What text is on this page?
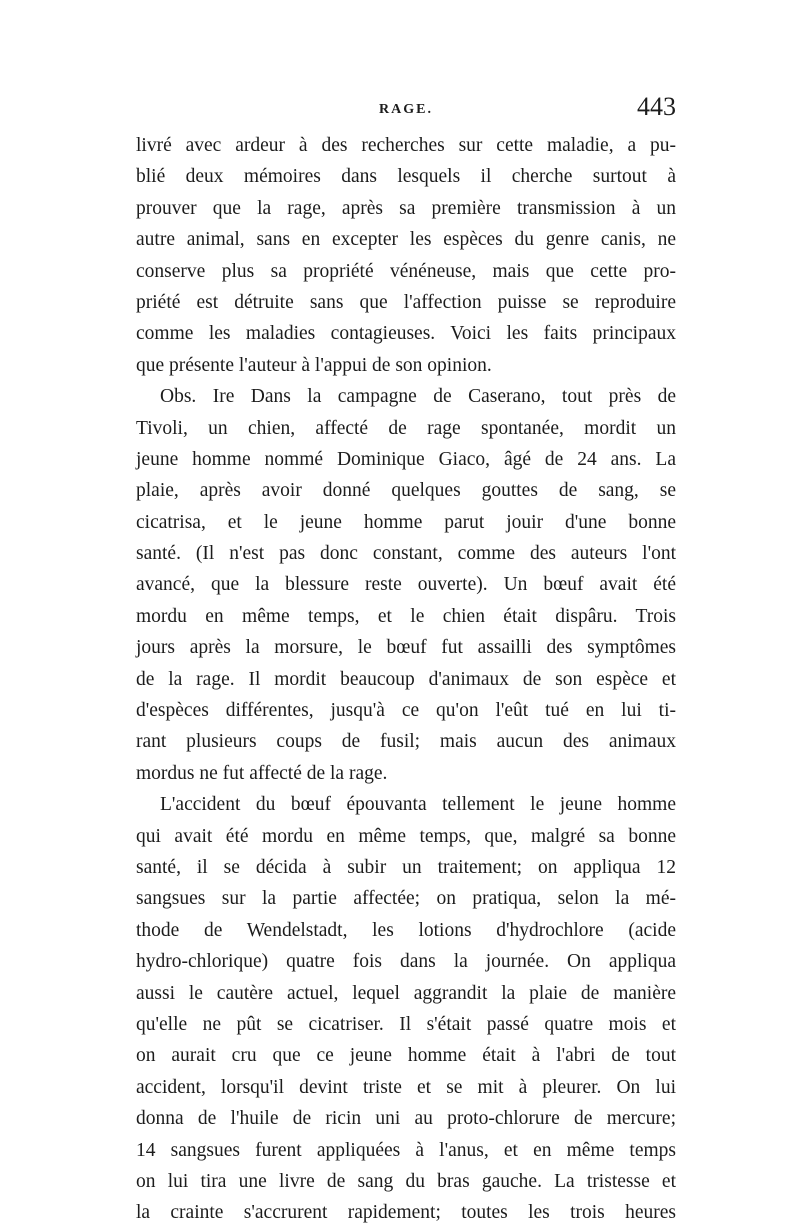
RAGE.	443
livré avec ardeur à des recherches sur cette maladie, a pu-
blié deux mémoires dans lesquels il cherche surtout à
prouver que la rage, après sa première transmission à un
autre animal, sans en excepter les espèces du genre canis, ne
conserve plus sa propriété vénéneuse, mais que cette pro-
priété est détruite sans que l'affection puisse se reproduire
comme les maladies contagieuses. Voici les faits principaux
que présente l'auteur à l'appui de son opinion.
Obs. Ire Dans la campagne de Caserano, tout près de
Tivoli, un chien, affecté de rage spontanée, mordit un
jeune homme nommé Dominique Giaco, âgé de 24 ans. La
plaie, après avoir donné quelques gouttes de sang, se
cicatrisa, et le jeune homme parut jouir d'une bonne
santé. (Il n'est pas donc constant, comme des auteurs l'ont
avancé, que la blessure reste ouverte). Un bœuf avait été
mordu en même temps, et le chien était dispâru. Trois
jours après la morsure, le bœuf fut assailli des symptômes
de la rage. Il mordit beaucoup d'animaux de son espèce et
d'espèces différentes, jusqu'à ce qu'on l'eût tué en lui ti-
rant plusieurs coups de fusil; mais aucun des animaux
mordus ne fut affecté de la rage.
L'accident du bœuf épouvanta tellement le jeune homme
qui avait été mordu en même temps, que, malgré sa bonne
santé, il se décida à subir un traitement; on appliqua 12
sangsues sur la partie affectée; on pratiqua, selon la mé-
thode de Wendelstadt, les lotions d'hydrochlore (acide
hydro-chlorique) quatre fois dans la journée. On appliqua
aussi le cautère actuel, lequel aggrandit la plaie de manière
qu'elle ne pût se cicatriser. Il s'était passé quatre mois et
on aurait cru que ce jeune homme était à l'abri de tout
accident, lorsqu'il devint triste et se mit à pleurer. On lui
donna de l'huile de ricin uni au proto-chlorure de mercure;
14 sangsues furent appliquées à l'anus, et en même temps
on lui tira une livre de sang du bras gauche. La tristesse et
la crainte s'accrurent rapidement; toutes les trois heures
